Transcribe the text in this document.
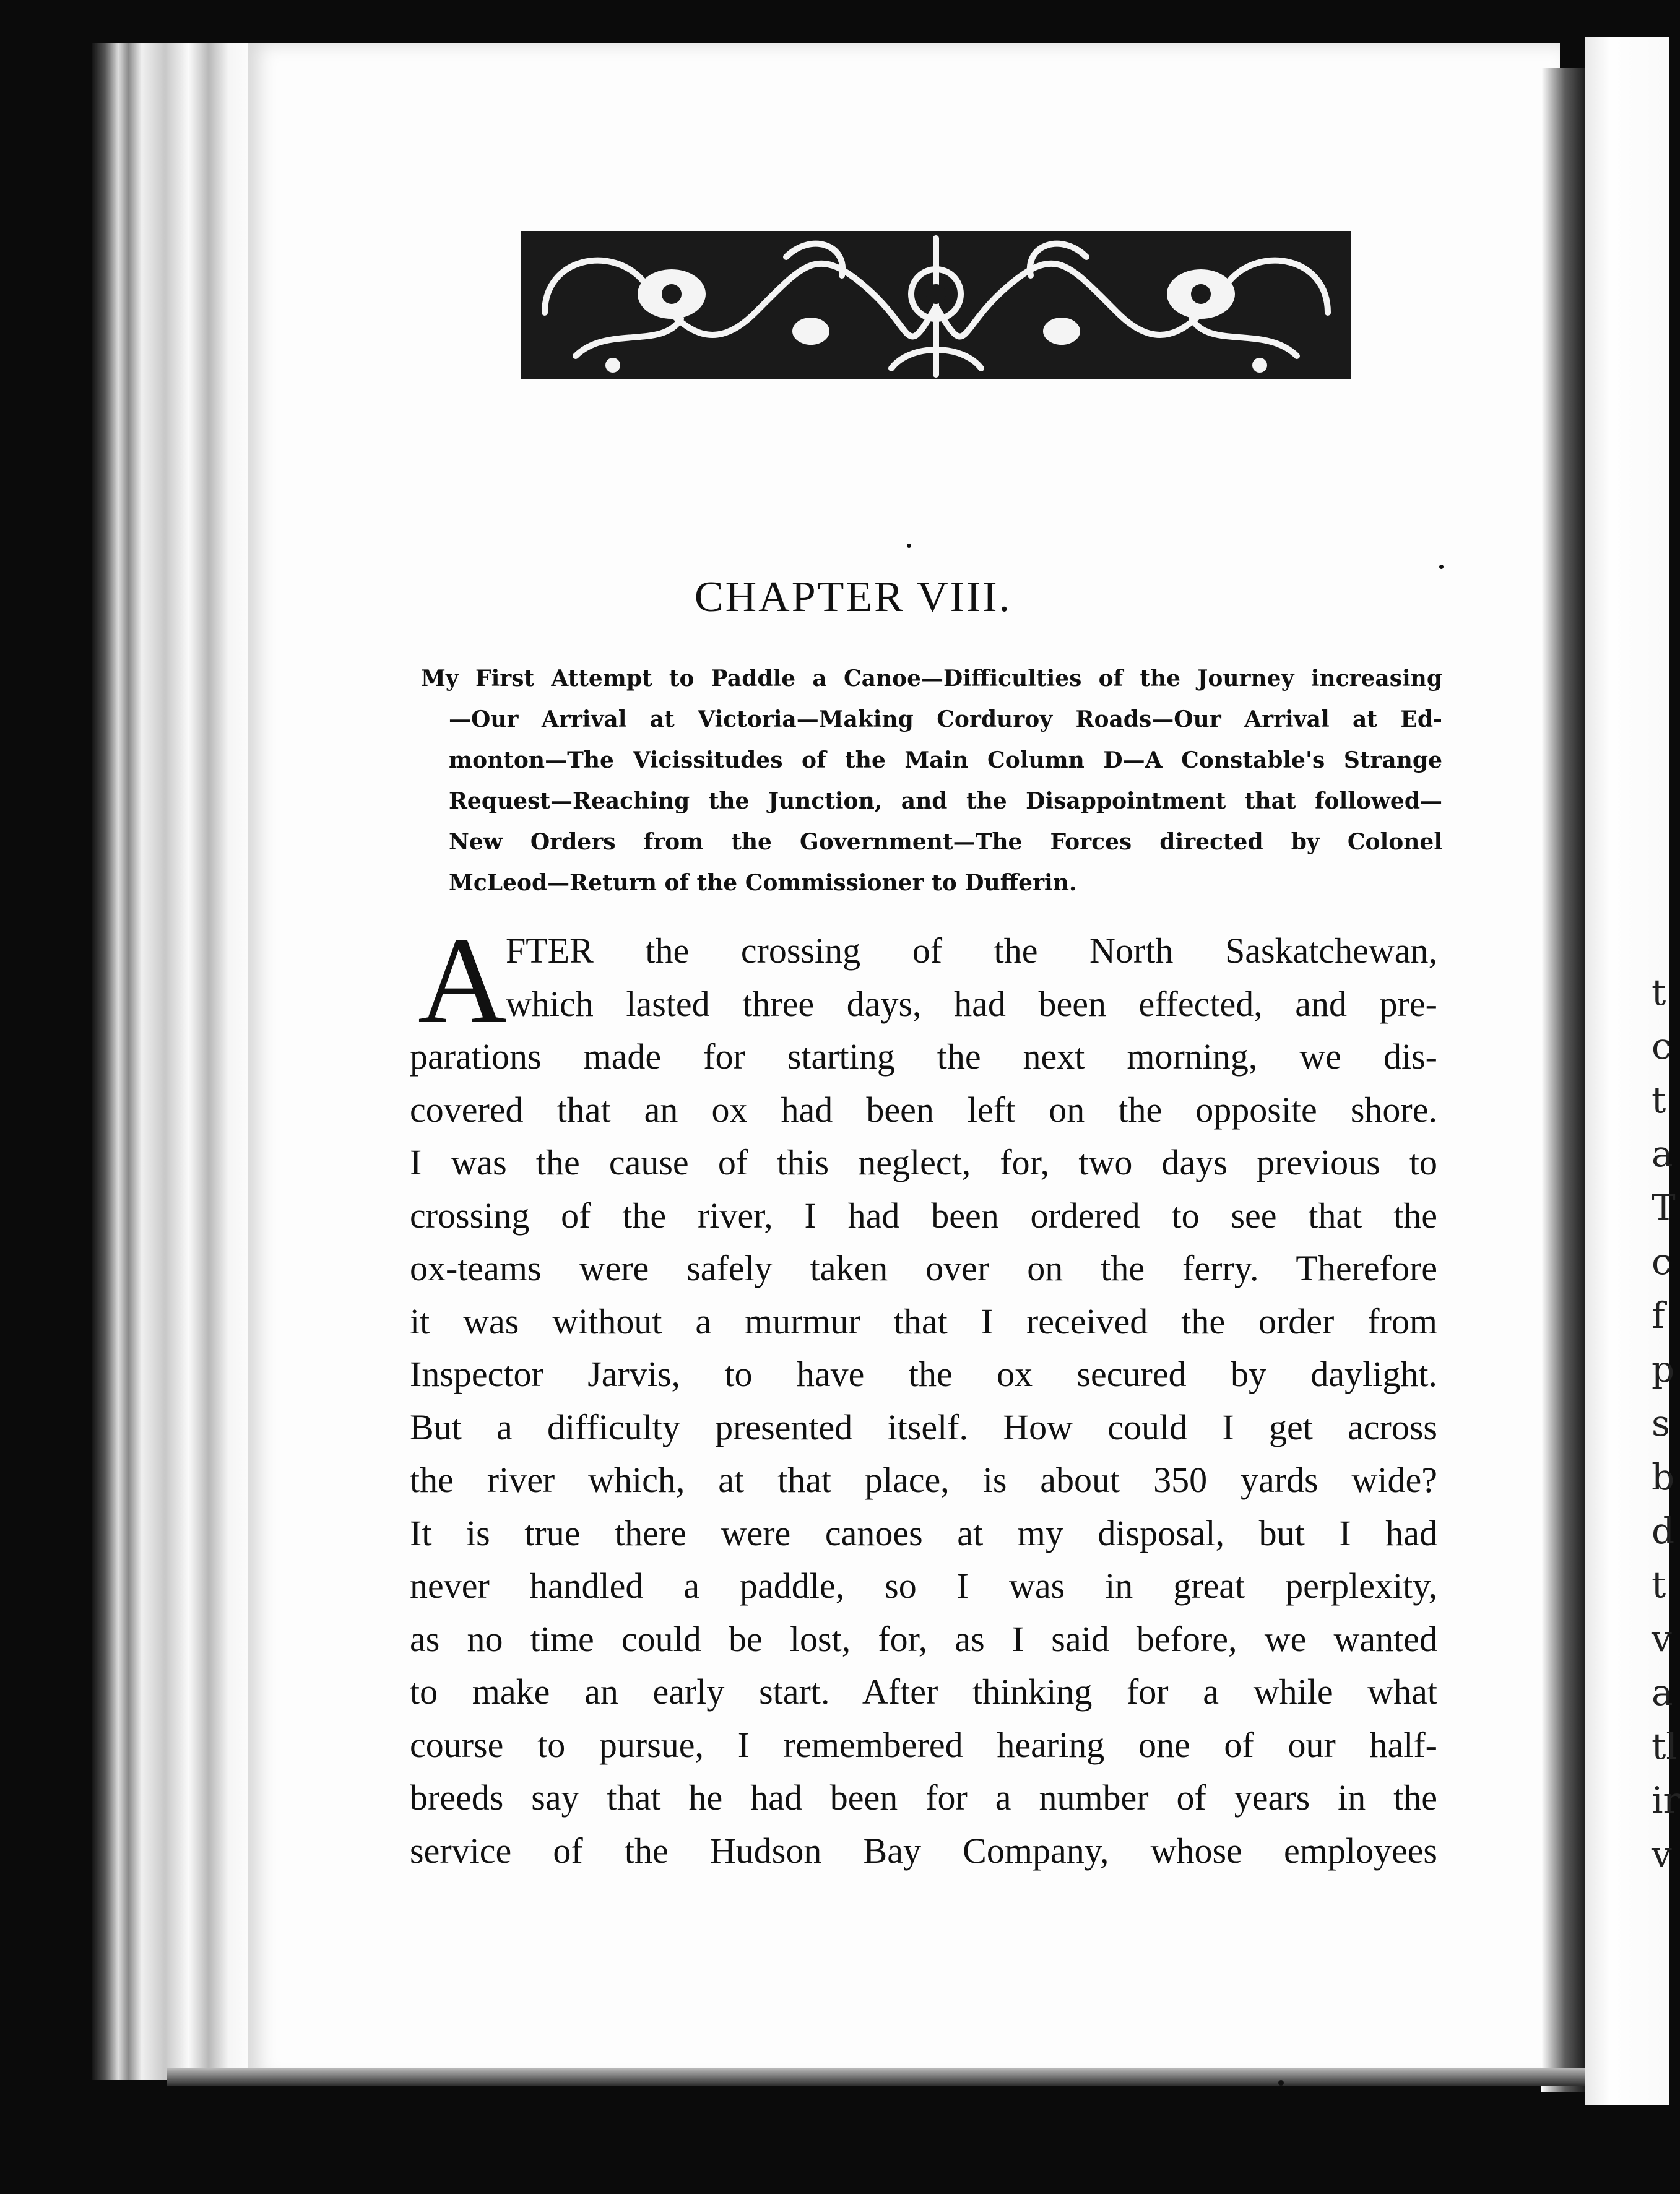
t
c
t
a
T
c
f
p
s
b
d
t
v
a
tl
ir
v
CHAPTER VIII.
My First Attempt to Paddle a Canoe—Difficulties of the Journey increasing
—Our Arrival at Victoria—Making Corduroy Roads—Our Arrival at Ed-
monton—The Vicissitudes of the Main Column D—A Constable's Strange
Request—Reaching the Junction, and the Disappointment that followed—
New Orders from the Government—The Forces directed by Colonel
McLeod—Return of the Commissioner to Dufferin.
A
FTER the crossing of the North Saskatchewan,
which lasted three days, had been effected, and pre-
parations made for starting the next morning, we dis-
covered that an ox had been left on the opposite shore.
I was the cause of this neglect, for, two days previous to
crossing of the river, I had been ordered to see that the
ox-teams were safely taken over on the ferry. Therefore
it was without a murmur that I received the order from
Inspector Jarvis, to have the ox secured by daylight.
But a difficulty presented itself. How could I get across
the river which, at that place, is about 350 yards wide?
It is true there were canoes at my disposal, but I had
never handled a paddle, so I was in great perplexity,
as no time could be lost, for, as I said before, we wanted
to make an early start. After thinking for a while what
course to pursue, I remembered hearing one of our half-
breeds say that he had been for a number of years in the
service of the Hudson Bay Company, whose employees
